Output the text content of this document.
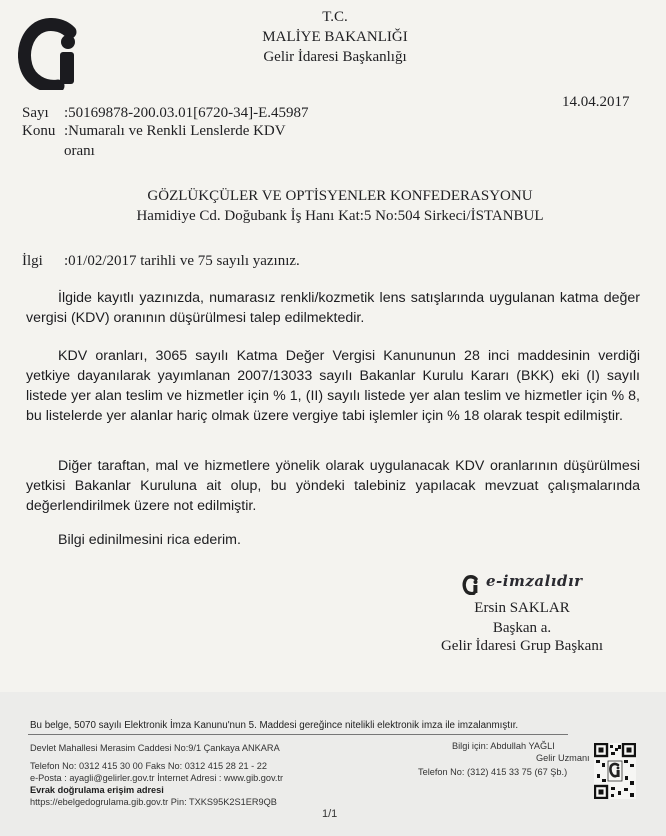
T.C.
MALİYE BAKANLIĞI
Gelir İdaresi Başkanlığı
Sayı :50169878-200.03.01[6720-34]-E.45987
14.04.2017
Konu :Numaralı ve Renkli Lenslerde KDV
oranı
GÖZLÜKÇÜLER VE OPTİSYENLER KONFEDERASYONU
Hamidiye Cd. Doğubank İş Hanı Kat:5 No:504 Sirkeci/İSTANBUL
İlgi :01/02/2017 tarihli ve 75 sayılı yazınız.
İlgide kayıtlı yazınızda, numarasız renkli/kozmetik lens satışlarında uygulanan katma değer vergisi (KDV) oranının düşürülmesi talep edilmektedir.
KDV oranları, 3065 sayılı Katma Değer Vergisi Kanununun 28 inci maddesinin verdiği yetkiye dayanılarak yayımlanan 2007/13033 sayılı Bakanlar Kurulu Kararı (BKK) eki (I) sayılı listede yer alan teslim ve hizmetler için % 1, (II) sayılı listede yer alan teslim ve hizmetler için % 8, bu listelerde yer alanlar hariç olmak üzere vergiye tabi işlemler için % 18 olarak tespit edilmiştir.
Diğer taraftan, mal ve hizmetlere yönelik olarak uygulanacak KDV oranlarının düşürülmesi yetkisi Bakanlar Kuruluna ait olup, bu yöndeki talebiniz yapılacak mevzuat çalışmalarında değerlendirilmek üzere not edilmiştir.
Bilgi edinilmesini rica ederim.
e-imzalıdır
Ersin SAKLAR
Başkan a.
Gelir İdaresi Grup Başkanı
Bu belge, 5070 sayılı Elektronik İmza Kanunu'nun 5. Maddesi gereğince nitelikli elektronik imza ile imzalanmıştır.
Devlet Mahallesi Merasim Caddesi No:9/1 Çankaya ANKARA
Telefon No: 0312 415 30 00 Faks No: 0312 415 28 21 - 22
e-Posta : ayagli@gelirler.gov.tr İnternet Adresi : www.gib.gov.tr
Evrak doğrulama erişim adresi
https://ebelgedogrulama.gib.gov.tr Pin: TXKS95K2S1ER9QB
Bilgi için: Abdullah YAĞLI
Gelir Uzmanı
Telefon No: (312) 415 33 75 (67 Şb.)
1/1
